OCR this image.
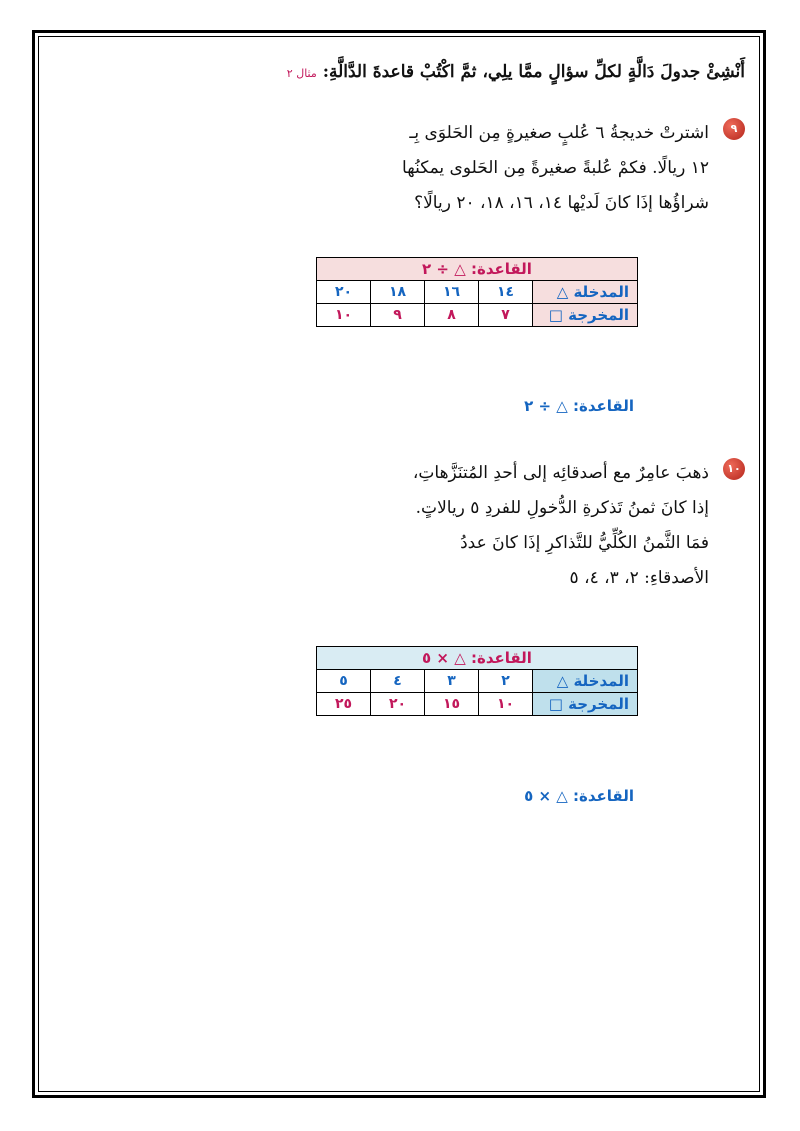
أَنْشِئْ جدولَ دَالَّةٍ لكلِّ سؤالٍ ممَّا يلِي، ثمَّ اكْتُبْ قاعدةَ الدَّالَّةِ: مثال ٢
٩
اشترتْ خديجةُ ٦ عُلبٍ صغيرةٍ مِن الحَلوَى بِـ
١٢ ريالًا. فكمْ عُلبةً صغيرةً مِن الحَلوى يمكنُها
شراؤُها إذَا كانَ لَديْها ١٤، ١٦، ١٨، ٢٠ ريالًا؟
القاعدة: △ ÷ ٢				
المدخلة △	١٤	١٦	١٨	٢٠
المخرجة □	٧	٨	٩	١٠
القاعدة: △ ÷ ٢
١٠
ذهبَ عامِرٌ مع أصدقائِه إلى أحدِ المُتنَزَّهاتِ،
إذا كانَ ثمنُ تَذكرةِ الدُّخولِ للفردِ ٥ ريالاتٍ.
فمَا الثَّمنُ الكُلِّيُّ للتَّذاكرِ إذَا كانَ عددُ
الأصدقاءِ: ٢، ٣، ٤، ٥
القاعدة: △ × ٥				
المدخلة △	٢	٣	٤	٥
المخرجة □	١٠	١٥	٢٠	٢٥
القاعدة: △ × ٥
